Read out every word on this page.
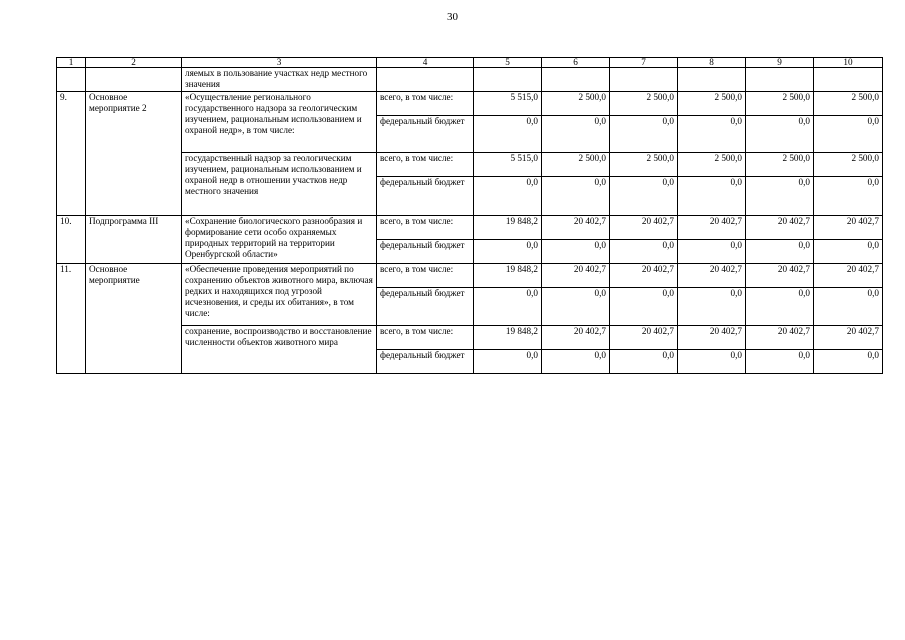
30
1	2	3	4	5	6	7	8	9	10
		ляемых в пользование участках недр местного значения							
9.	Основное мероприятие 2	«Осуществление регионального государственного надзора за геологическим изучением, рациональным использованием и охраной недр», в том числе:	всего, в том числе:	5 515,0	2 500,0	2 500,0	2 500,0	2 500,0	2 500,0
			федеральный бюджет	0,0	0,0	0,0	0,0	0,0	0,0
		государственный надзор за геологическим изучением, рациональным использованием и охраной недр в отношении участков недр местного значения	всего, в том числе:	5 515,0	2 500,0	2 500,0	2 500,0	2 500,0	2 500,0
			федеральный бюджет	0,0	0,0	0,0	0,0	0,0	0,0
10.	Подпрограмма III	«Сохранение биологического разнообразия и формирование сети особо охраняемых природных территорий на территории Оренбургской области»	всего, в том числе:	19 848,2	20 402,7	20 402,7	20 402,7	20 402,7	20 402,7
			федеральный бюджет	0,0	0,0	0,0	0,0	0,0	0,0
11.	Основное мероприятие	«Обеспечение проведения мероприятий по сохранению объектов животного мира, включая редких и находящихся под угрозой исчезновения, и среды их обитания», в том числе:	всего, в том числе:	19 848,2	20 402,7	20 402,7	20 402,7	20 402,7	20 402,7
			федеральный бюджет	0,0	0,0	0,0	0,0	0,0	0,0
		сохранение, воспроизводство и восстановление численности объектов животного мира	всего, в том числе:	19 848,2	20 402,7	20 402,7	20 402,7	20 402,7	20 402,7
			федеральный бюджет	0,0	0,0	0,0	0,0	0,0	0,0
